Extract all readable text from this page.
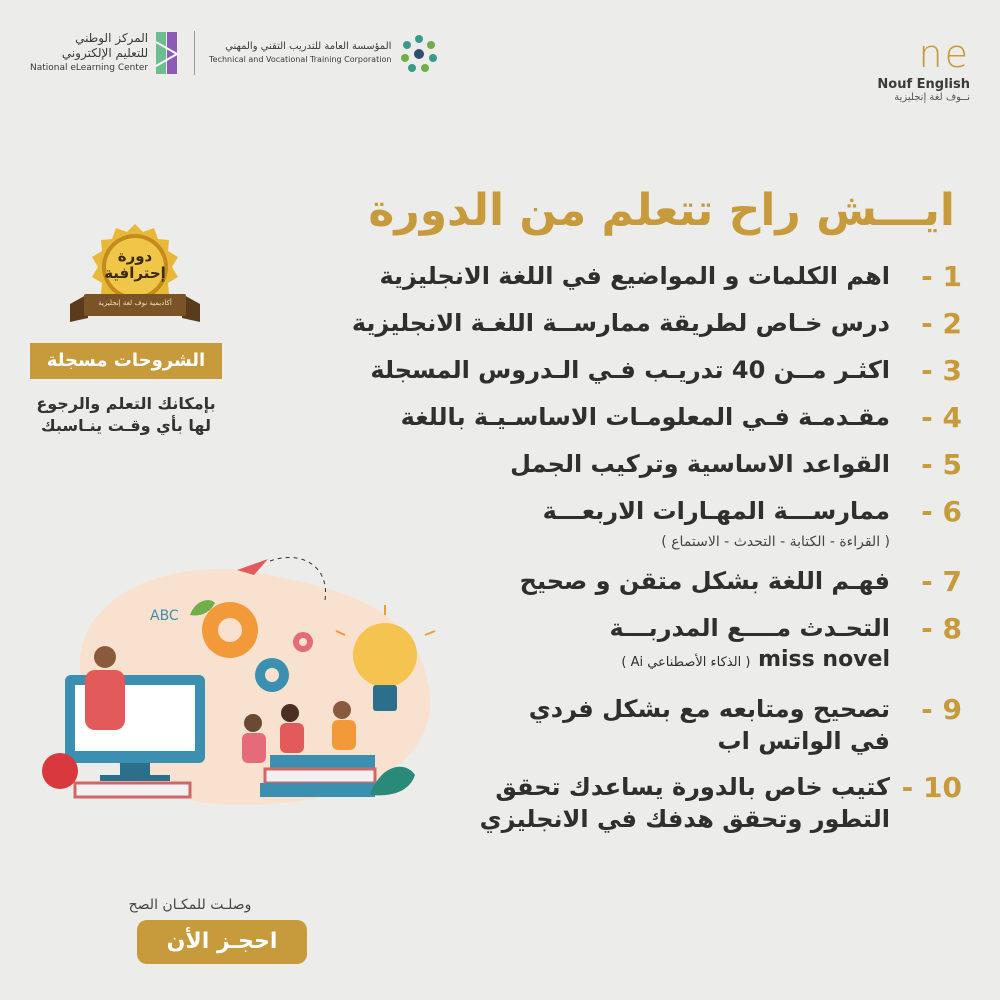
المركز الوطني
للتعليم الإلكتروني
National eLearning Center
المؤسسة العامة للتدريب التقني والمهني
Technical and Vocational Training Corporation	ne
Nouf English
نــوف لغة إنجليزية
ايـــش راح تتعلم من الدورة
دورة
إحترافية
أكاديمية نوف لغة إنجليزية
الشروحات مسجلة
بإمكانك التعلم والرجوع
لها بأي وقـت ينـاسبك
1 -
اهم الكلمات و المواضيع في اللغة الانجليزية
2 -
درس خـاص لطريقة ممارســة اللغـة الانجليزية
3 -
اكثـر مــن 40 تدريـب فـي الـدروس المسجلة
4 -
مقـدمـة فـي المعلومـات الاساسـيـة باللغة
5 -
القواعد الاساسية وتركيب الجمل
6 -
ممارســـة المهـارات الاربعـــة
( القراءة - الكتابة - التحدث - الاستماع )
7 -
فهـم اللغة بشكل متقن و صحيح
8 -
التحـدث مــــع المدربـــة
miss novel ( الذكاء الأصطناعي Ai )
9 -
تصحيح ومتابعه مع بشكل فردي
في الواتس اب
10 -
كتيب خاص بالدورة يساعدك تحقق
التطور وتحقق هدفك في الانجليزي
ABC
وصلـت للمكـان الصح
احجـز الأن
